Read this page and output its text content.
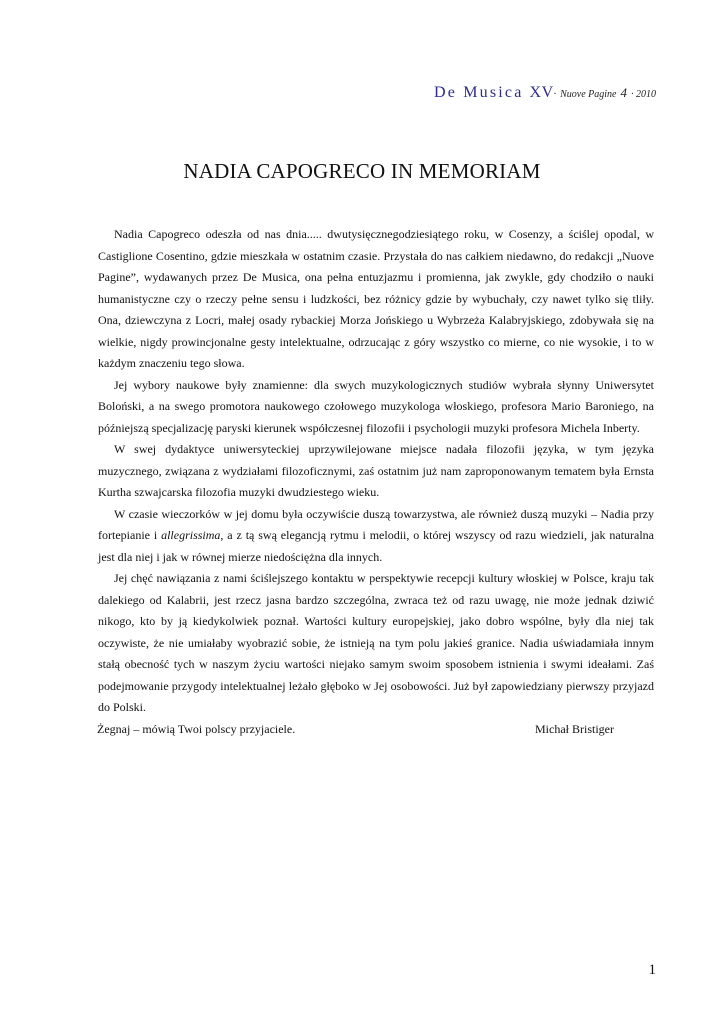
De Musica XV· Nuove Pagine 4 · 2010
NADIA CAPOGRECO IN MEMORIAM

Nadia Capogreco odeszła od nas dnia..... dwutysięcznegodziesiątego roku, w Cosenzy, a ściślej opodal, w Castiglione Cosentino, gdzie mieszkała w ostatnim czasie. Przystała do nas całkiem niedawno, do redakcji „Nuove Pagine”, wydawanych przez De Musica, ona pełna entuzjazmu i promienna, jak zwykle, gdy chodziło o nauki humanistyczne czy o rzeczy pełne sensu i ludzkości, bez różnicy gdzie by wybuchały, czy nawet tylko się tliły. Ona, dziewczyna z Locri, małej osady rybackiej Morza Jońskiego u Wybrzeża Kalabryjskiego, zdobywała się na wielkie, nigdy prowincjonalne gesty intelektualne, odrzucając z góry wszystko co mierne, co nie wysokie, i to w każdym znaczeniu tego słowa.

Jej wybory naukowe były znamienne: dla swych muzykologicznych studiów wybrała słynny Uniwersytet Boloński, a na swego promotora naukowego czołowego muzykologa włoskiego, profesora Mario Baroniego, na późniejszą specjalizację paryski kierunek współczesnej filozofii i psychologii muzyki profesora Michela Inberty.

W swej dydaktyce uniwersyteckiej uprzywilejowane miejsce nadała filozofii języka, w tym języka muzycznego, związana z wydziałami filozoficznymi, zaś ostatnim już nam zaproponowanym tematem była Ernsta Kurtha szwajcarska filozofia muzyki dwudziestego wieku.

W czasie wieczorków w jej domu była oczywiście duszą towarzystwa, ale również duszą muzyki – Nadia przy fortepianie i allegrissima, a z tą swą elegancją rytmu i melodii, o której wszyscy od razu wiedzieli, jak naturalna jest dla niej i jak w równej mierze niedościężna dla innych.

Jej chęć nawiązania z nami ściślejszego kontaktu w perspektywie recepcji kultury włoskiej w Polsce, kraju tak dalekiego od Kalabrii, jest rzecz jasna bardzo szczególna, zwraca też od razu uwagę, nie może jednak dziwić nikogo, kto by ją kiedykolwiek poznał. Wartości kultury europejskiej, jako dobro wspólne, były dla niej tak oczywiste, że nie umiałaby wyobrazić sobie, że istnieją na tym polu jakieś granice. Nadia uświadamiała innym stałą obecność tych w naszym życiu wartości niejako samym swoim sposobem istnienia i swymi ideałami. Zaś podejmowanie przygody intelektualnej leżało głęboko w Jej osobowości. Już był zapowiedziany pierwszy przyjazd do Polski.

Żegnaj – mówią Twoi polscy przyjaciele.	Michał Bristiger
1
